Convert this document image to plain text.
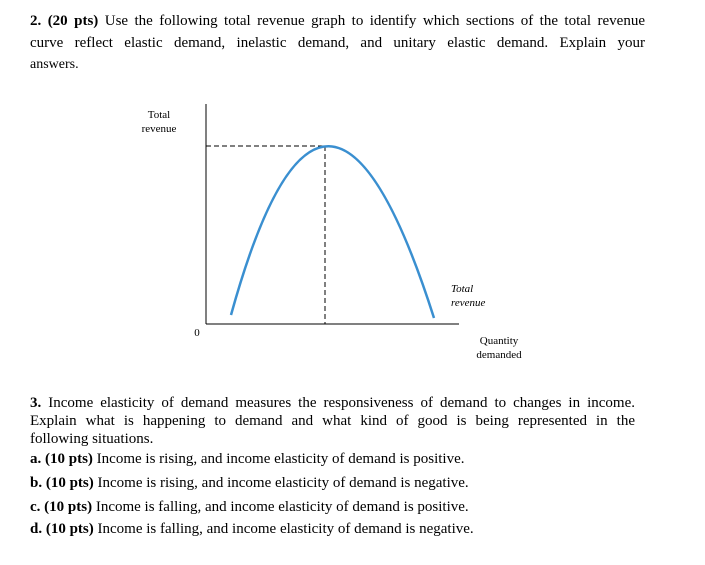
2. (20 pts) Use the following total revenue graph to identify which sections of the total revenue
curve reflect elastic demand, inelastic demand, and unitary elastic demand. Explain your
answers.
Total
revenue
0
Total
revenue
Quantity
demanded
3. Income elasticity of demand measures the responsiveness of demand to changes in income.
Explain what is happening to demand and what kind of good is being represented in the
following situations.
a. (10 pts) Income is rising, and income elasticity of demand is positive.
b. (10 pts) Income is rising, and income elasticity of demand is negative.
c. (10 pts) Income is falling, and income elasticity of demand is positive.
d. (10 pts) Income is falling, and income elasticity of demand is negative.
